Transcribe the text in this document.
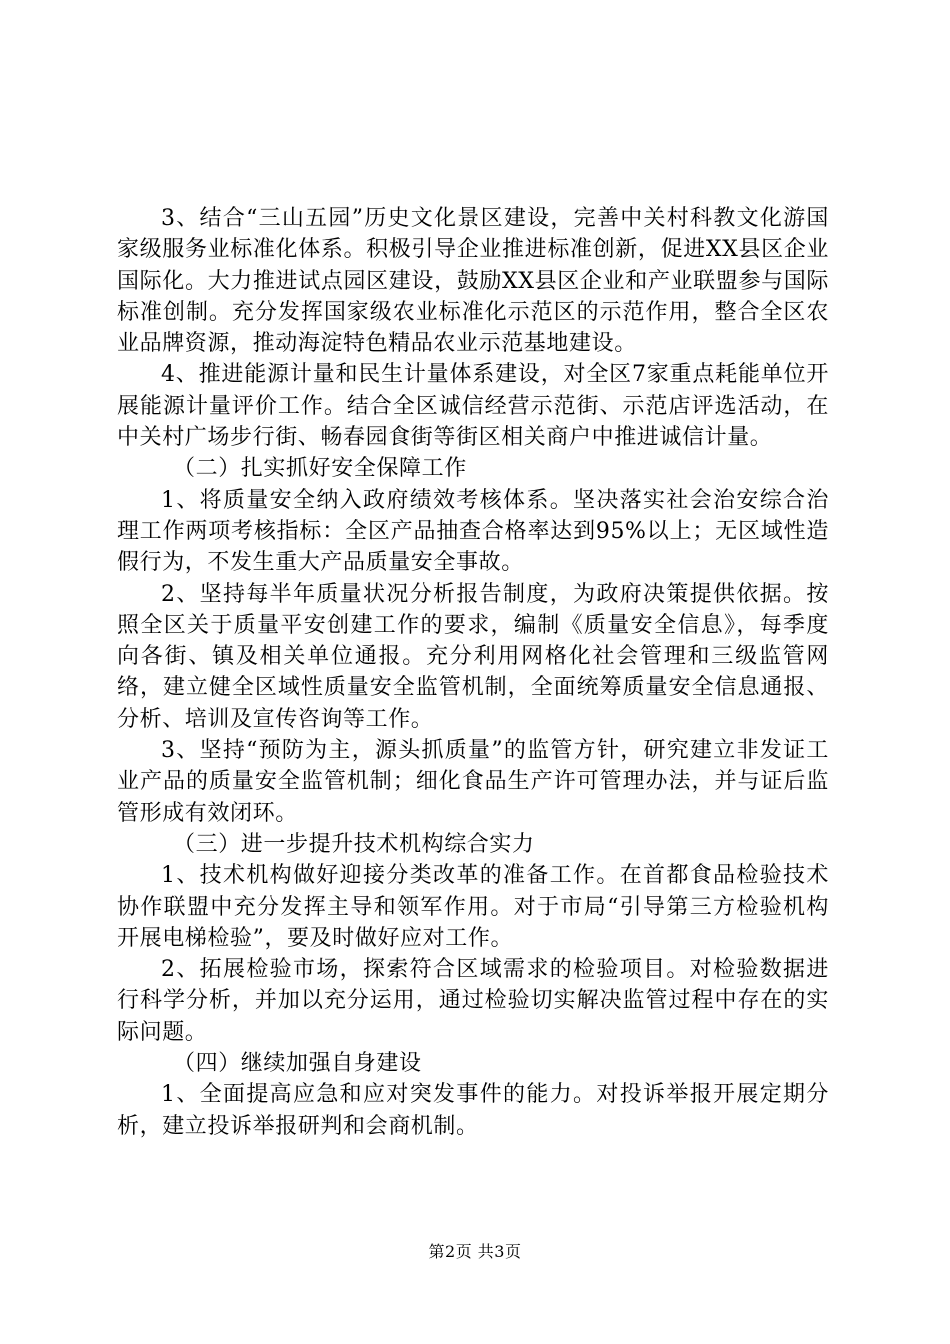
3、结合“三山五园”历史文化景区建设，完善中关村科教文化游国家级服务业标准化体系。积极引导企业推进标准创新，促进XX县区企业国际化。大力推进试点园区建设，鼓励XX县区企业和产业联盟参与国际标准创制。充分发挥国家级农业标准化示范区的示范作用，整合全区农业品牌资源，推动海淀特色精品农业示范基地建设。

4、推进能源计量和民生计量体系建设，对全区7家重点耗能单位开展能源计量评价工作。结合全区诚信经营示范街、示范店评选活动，在中关村广场步行街、畅春园食街等街区相关商户中推进诚信计量。

（二）扎实抓好安全保障工作

1、将质量安全纳入政府绩效考核体系。坚决落实社会治安综合治理工作两项考核指标：全区产品抽查合格率达到95%以上；无区域性造假行为，不发生重大产品质量安全事故。

2、坚持每半年质量状况分析报告制度，为政府决策提供依据。按照全区关于质量平安创建工作的要求，编制《质量安全信息》，每季度向各街、镇及相关单位通报。充分利用网格化社会管理和三级监管网络，建立健全区域性质量安全监管机制，全面统筹质量安全信息通报、分析、培训及宣传咨询等工作。

3、坚持“预防为主，源头抓质量”的监管方针，研究建立非发证工业产品的质量安全监管机制；细化食品生产许可管理办法，并与证后监管形成有效闭环。

（三）进一步提升技术机构综合实力

1、技术机构做好迎接分类改革的准备工作。在首都食品检验技术协作联盟中充分发挥主导和领军作用。对于市局“引导第三方检验机构开展电梯检验”，要及时做好应对工作。

2、拓展检验市场，探索符合区域需求的检验项目。对检验数据进行科学分析，并加以充分运用，通过检验切实解决监管过程中存在的实际问题。

（四）继续加强自身建设

1、全面提高应急和应对突发事件的能力。对投诉举报开展定期分析，建立投诉举报研判和会商机制。

第2页 共3页
